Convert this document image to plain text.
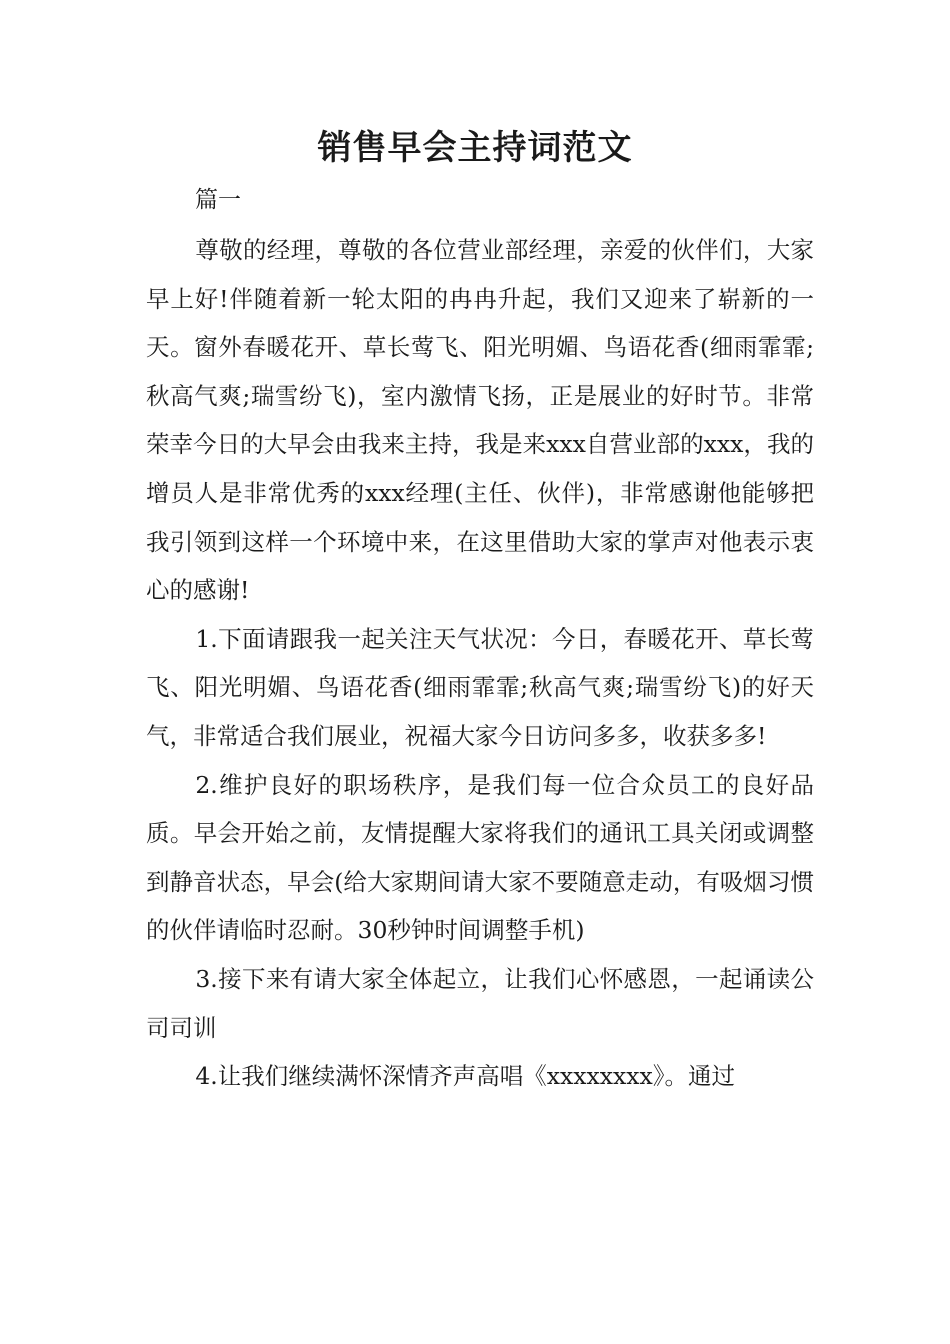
销售早会主持词范文
篇一

尊敬的经理，尊敬的各位营业部经理，亲爱的伙伴们，大家早上好!伴随着新一轮太阳的冉冉升起，我们又迎来了崭新的一天。窗外春暖花开、草长莺飞、阳光明媚、鸟语花香(细雨霏霏;秋高气爽;瑞雪纷飞)，室内激情飞扬，正是展业的好时节。非常荣幸今日的大早会由我来主持，我是来xxx自营业部的xxx，我的增员人是非常优秀的xxx经理(主任、伙伴)，非常感谢他能够把我引领到这样一个环境中来，在这里借助大家的掌声对他表示衷心的感谢!

1.下面请跟我一起关注天气状况：今日，春暖花开、草长莺飞、阳光明媚、鸟语花香(细雨霏霏;秋高气爽;瑞雪纷飞)的好天气，非常适合我们展业，祝福大家今日访问多多，收获多多!

2.维护良好的职场秩序，是我们每一位合众员工的良好品质。早会开始之前，友情提醒大家将我们的通讯工具关闭或调整到静音状态，早会(给大家期间请大家不要随意走动，有吸烟习惯的伙伴请临时忍耐。30秒钟时间调整手机)

3.接下来有请大家全体起立，让我们心怀感恩，一起诵读公司司训

4.让我们继续满怀深情齐声高唱《xxxxxxxx》。通过
